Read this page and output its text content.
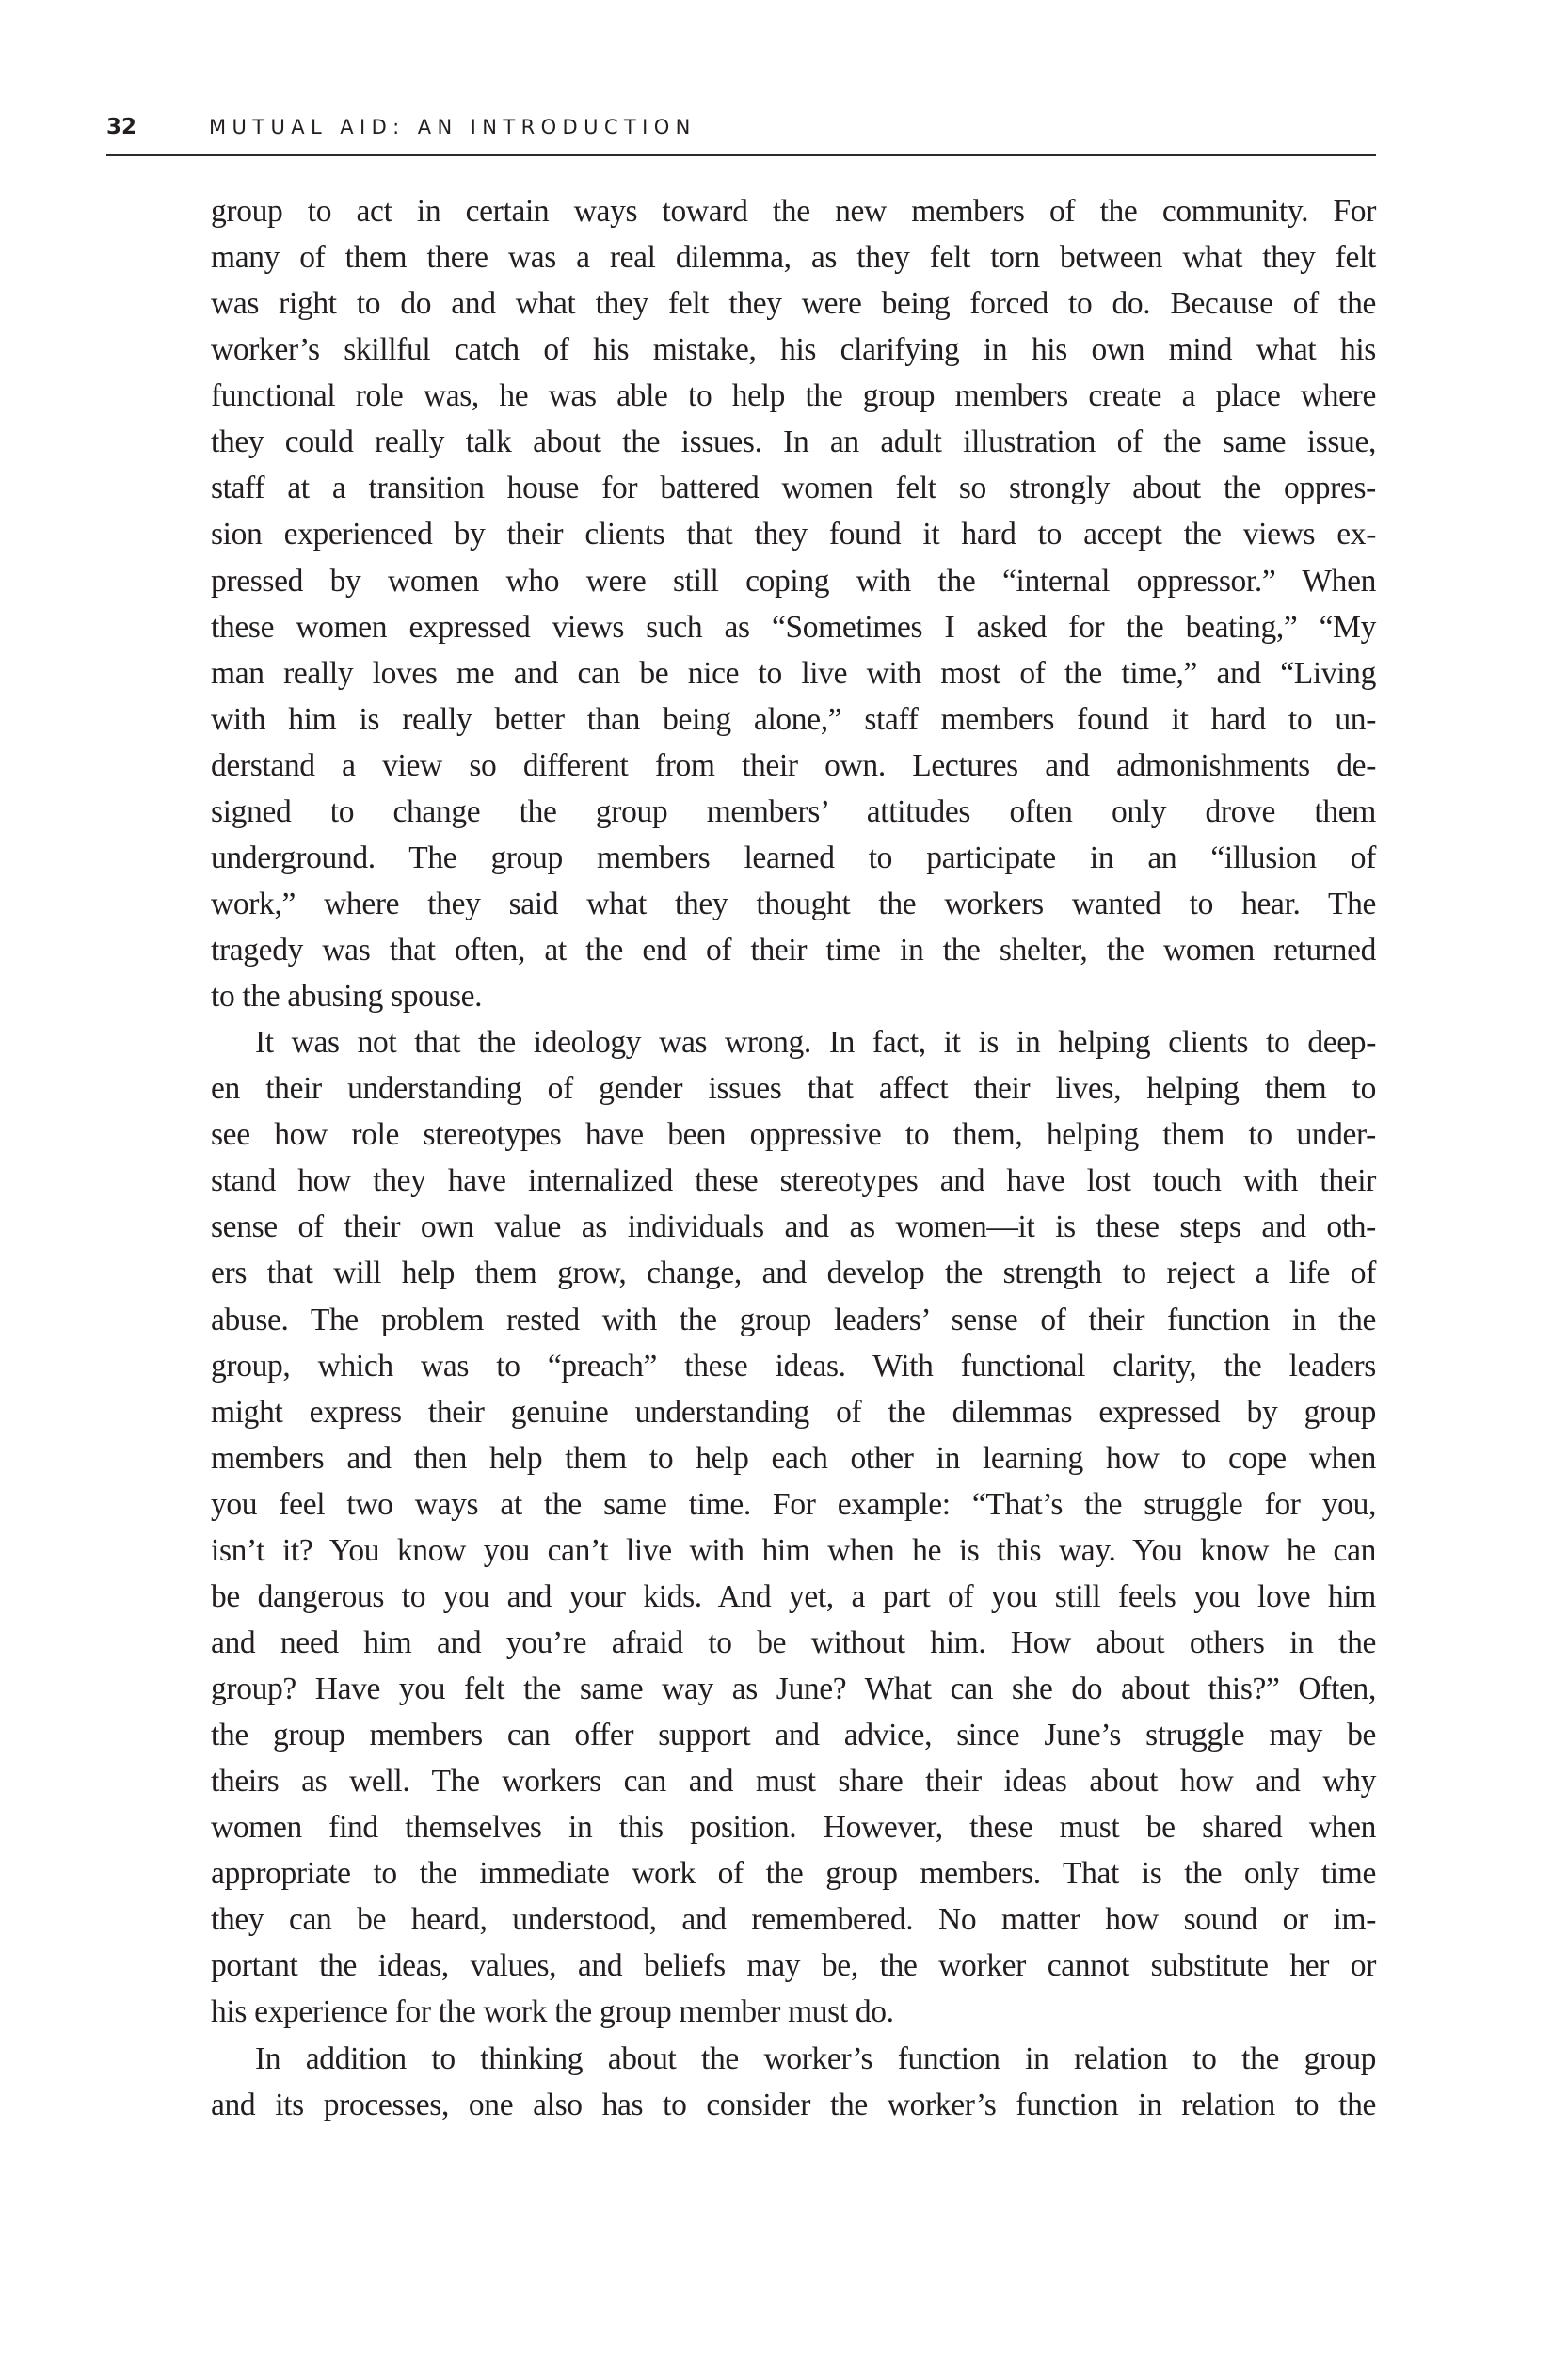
32	MUTUAL AID: AN INTRODUCTION

group to act in certain ways toward the new members of the community. For
many of them there was a real dilemma, as they felt torn between what they felt
was right to do and what they felt they were being forced to do. Because of the
worker’s skillful catch of his mistake, his clarifying in his own mind what his
functional role was, he was able to help the group members create a place where
they could really talk about the issues. In an adult illustration of the same issue,
staff at a transition house for battered women felt so strongly about the oppres-
sion experienced by their clients that they found it hard to accept the views ex-
pressed by women who were still coping with the “internal oppressor.” When
these women expressed views such as “Sometimes I asked for the beating,” “My
man really loves me and can be nice to live with most of the time,” and “Living
with him is really better than being alone,” staff members found it hard to un-
derstand a view so different from their own. Lectures and admonishments de-
signed to change the group members’ attitudes often only drove them
underground. The group members learned to participate in an “illusion of
work,” where they said what they thought the workers wanted to hear. The
tragedy was that often, at the end of their time in the shelter, the women returned
to the abusing spouse.

It was not that the ideology was wrong. In fact, it is in helping clients to deep-
en their understanding of gender issues that affect their lives, helping them to
see how role stereotypes have been oppressive to them, helping them to under-
stand how they have internalized these stereotypes and have lost touch with their
sense of their own value as individuals and as women—it is these steps and oth-
ers that will help them grow, change, and develop the strength to reject a life of
abuse. The problem rested with the group leaders’ sense of their function in the
group, which was to “preach” these ideas. With functional clarity, the leaders
might express their genuine understanding of the dilemmas expressed by group
members and then help them to help each other in learning how to cope when
you feel two ways at the same time. For example: “That’s the struggle for you,
isn’t it? You know you can’t live with him when he is this way. You know he can
be dangerous to you and your kids. And yet, a part of you still feels you love him
and need him and you’re afraid to be without him. How about others in the
group? Have you felt the same way as June? What can she do about this?” Often,
the group members can offer support and advice, since June’s struggle may be
theirs as well. The workers can and must share their ideas about how and why
women find themselves in this position. However, these must be shared when
appropriate to the immediate work of the group members. That is the only time
they can be heard, understood, and remembered. No matter how sound or im-
portant the ideas, values, and beliefs may be, the worker cannot substitute her or
his experience for the work the group member must do.

In addition to thinking about the worker’s function in relation to the group
and its processes, one also has to consider the worker’s function in relation to the
